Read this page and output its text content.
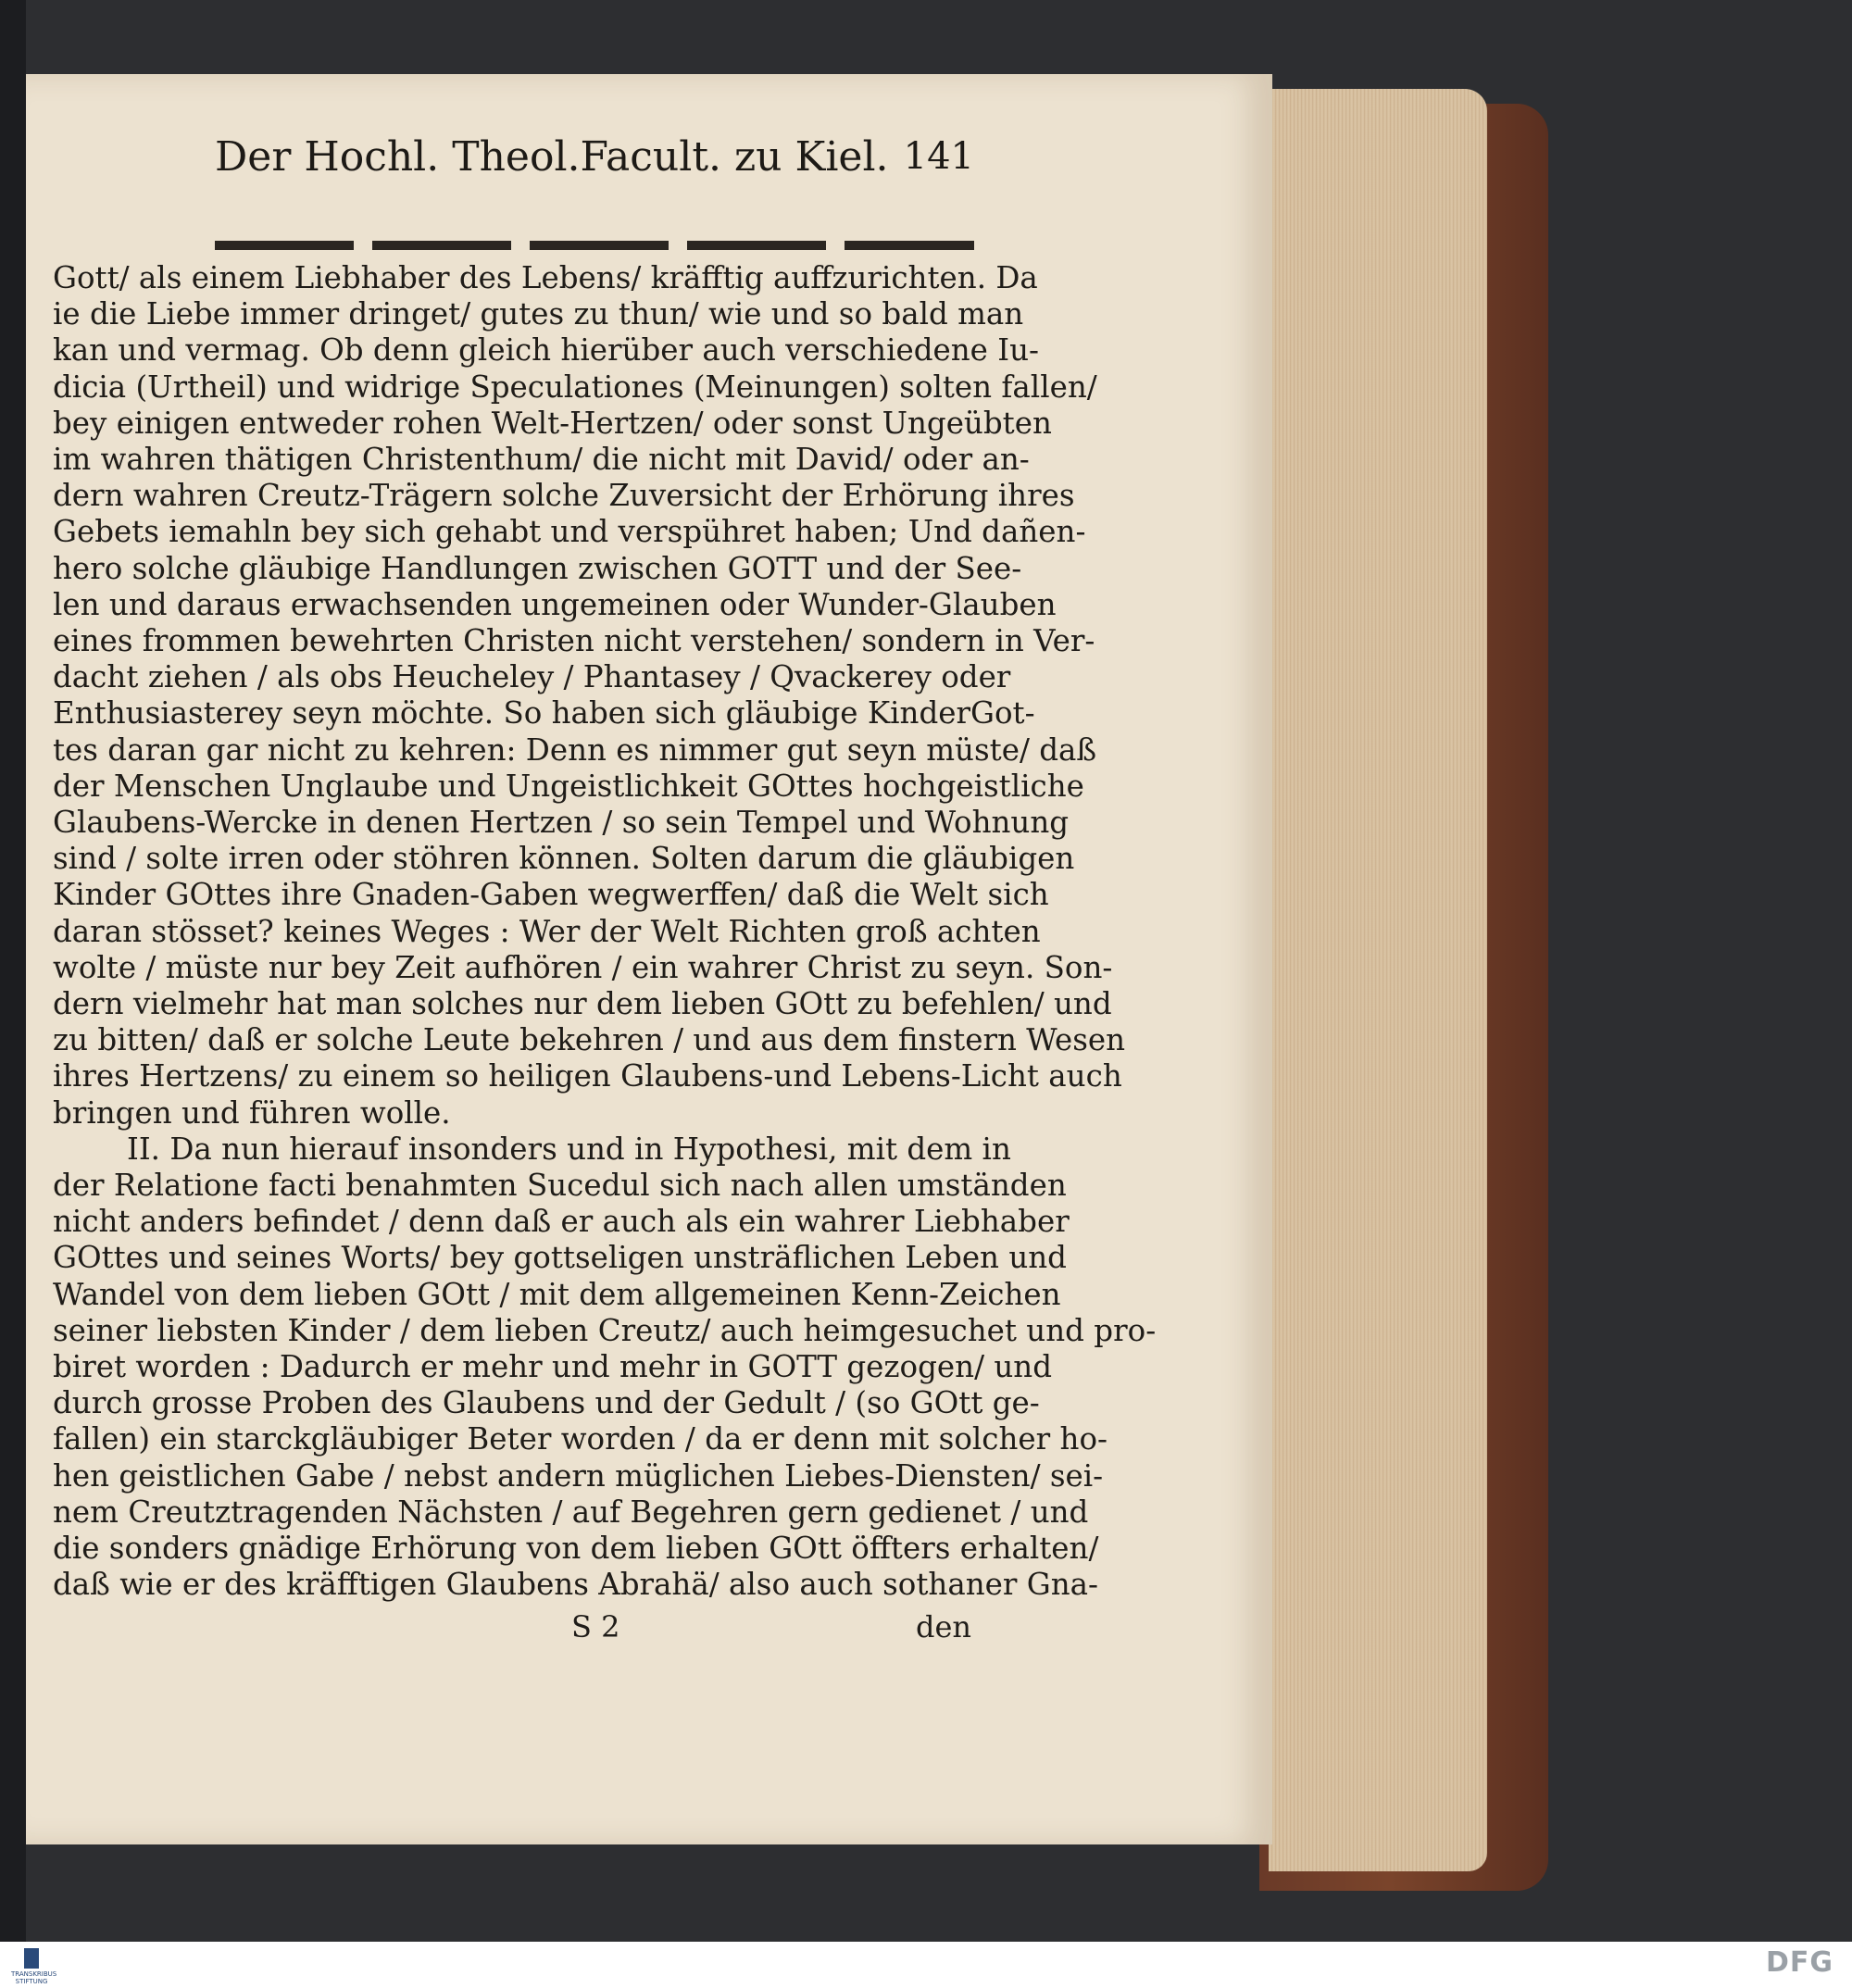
Der Hochl. Theol.Facult. zu Kiel. 141
Gott/ als einem Liebhaber des Lebens/ kräfftig auffzurichten. Da
ie die Liebe immer dringet/ gutes zu thun/ wie und so bald man
kan und vermag. Ob denn gleich hierüber auch verschiedene Iu-
dicia (Urtheil) und widrige Speculationes (Meinungen) solten fallen/
bey einigen entweder rohen Welt-Hertzen/ oder sonst Ungeübten
im wahren thätigen Christenthum/ die nicht mit David/ oder an-
dern wahren Creutz-Trägern solche Zuversicht der Erhörung ihres
Gebets iemahln bey sich gehabt und verspühret haben; Und dañen-
hero solche gläubige Handlungen zwischen GOTT und der See-
len und daraus erwachsenden ungemeinen oder Wunder-Glauben
eines frommen bewehrten Christen nicht verstehen/ sondern in Ver-
dacht ziehen / als obs Heucheley / Phantasey / Qvackerey oder
Enthusiasterey seyn möchte. So haben sich gläubige KinderGot-
tes daran gar nicht zu kehren: Denn es nimmer gut seyn müste/ daß
der Menschen Unglaube und Ungeistlichkeit GOttes hochgeistliche
Glaubens-Wercke in denen Hertzen / so sein Tempel und Wohnung
sind / solte irren oder stöhren können. Solten darum die gläubigen
Kinder GOttes ihre Gnaden-Gaben wegwerffen/ daß die Welt sich
daran stösset? keines Weges : Wer der Welt Richten groß achten
wolte / müste nur bey Zeit aufhören / ein wahrer Christ zu seyn. Son-
dern vielmehr hat man solches nur dem lieben GOtt zu befehlen/ und
zu bitten/ daß er solche Leute bekehren / und aus dem finstern Wesen
ihres Hertzens/ zu einem so heiligen Glaubens-und Lebens-Licht auch
bringen und führen wolle.
II. Da nun hierauf insonders und in Hypothesi, mit dem in
der Relatione facti benahmten Sucedul sich nach allen umständen
nicht anders befindet / denn daß er auch als ein wahrer Liebhaber
GOttes und seines Worts/ bey gottseligen unsträflichen Leben und
Wandel von dem lieben GOtt / mit dem allgemeinen Kenn-Zeichen
seiner liebsten Kinder / dem lieben Creutz/ auch heimgesuchet und pro-
biret worden : Dadurch er mehr und mehr in GOTT gezogen/ und
durch grosse Proben des Glaubens und der Gedult / (so GOtt ge-
fallen) ein starckgläubiger Beter worden / da er denn mit solcher ho-
hen geistlichen Gabe / nebst andern müglichen Liebes-Diensten/ sei-
nem Creutztragenden Nächsten / auf Begehren gern gedienet / und
die sonders gnädige Erhörung von dem lieben GOtt öffters erhalten/
daß wie er des kräfftigen Glaubens Abrahä/ also auch sothaner Gna-
S 2	den
TRANSKRIBUS STIFTUNG
DFG
